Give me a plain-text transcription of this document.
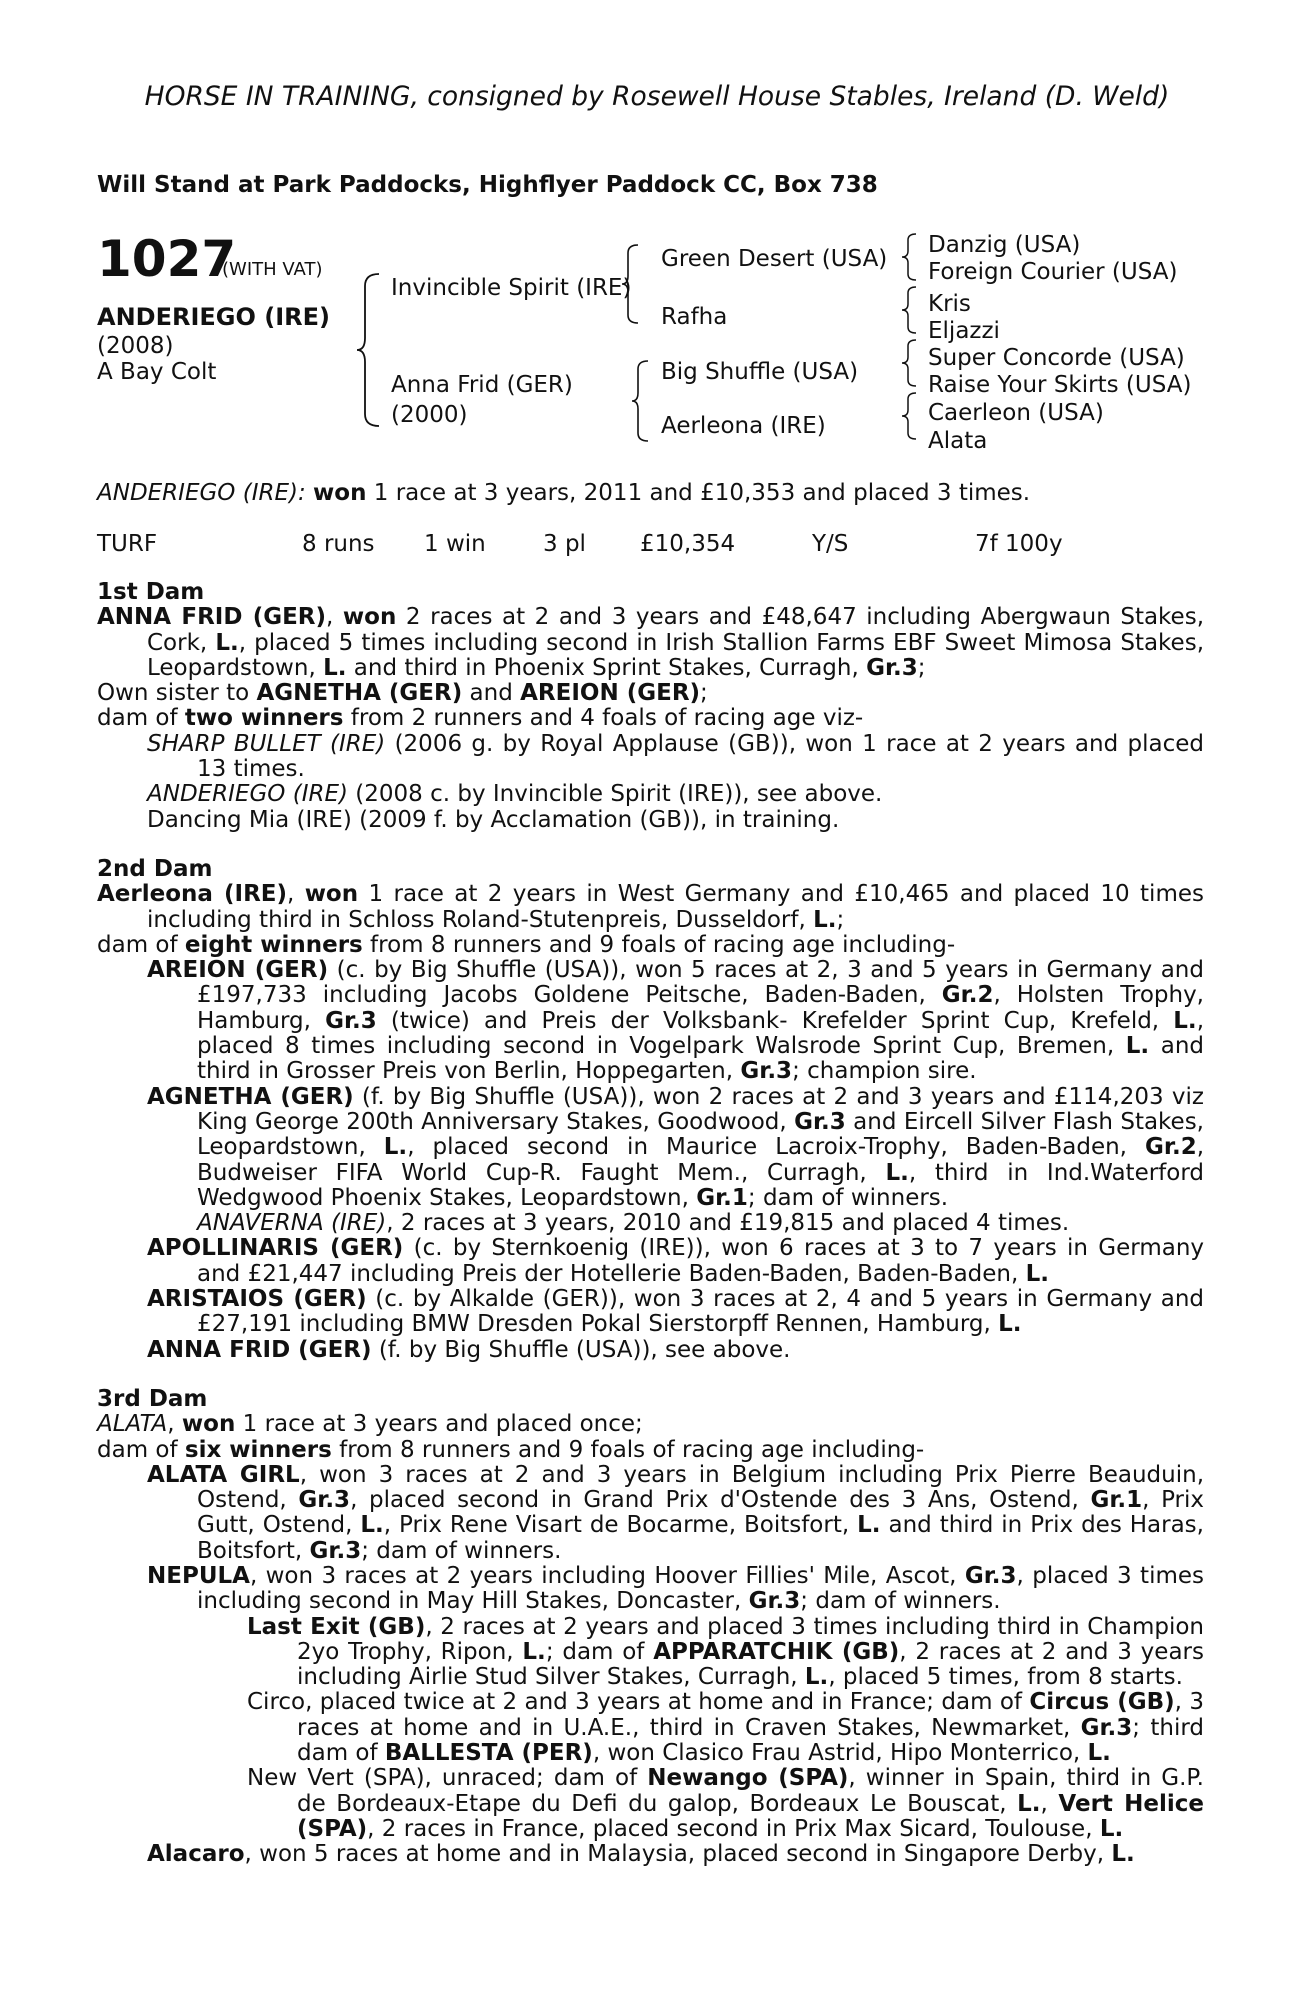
HORSE IN TRAINING, consigned by Rosewell House Stables, Ireland (D. Weld)
Will Stand at Park Paddocks, Highflyer Paddock CC, Box 738
1027
(WITH VAT)
ANDERIEGO (IRE)
(2008)
A Bay Colt
Invincible Spirit (IRE)
Anna Frid (GER)
(2000)
Green Desert (USA)
Rafha
Big Shuffle (USA)
Aerleona (IRE)
Danzig (USA)
Foreign Courier (USA)
Kris
Eljazzi
Super Concorde (USA)
Raise Your Skirts (USA)
Caerleon (USA)
Alata
ANDERIEGO (IRE): won 1 race at 3 years, 2011 and £10,353 and placed 3 times.
TURF	8 runs 1 win 3 pl £10,354	Y/S	7f 100y
1st Dam

ANNA FRID (GER), won 2 races at 2 and 3 years and £48,647 including Abergwaun Stakes, Cork, L., placed 5 times including second in Irish Stallion Farms EBF Sweet Mimosa Stakes, Leopardstown, L. and third in Phoenix Sprint Stakes, Curragh, Gr.3;

Own sister to AGNETHA (GER) and AREION (GER);

dam of two winners from 2 runners and 4 foals of racing age viz-

SHARP BULLET (IRE) (2006 g. by Royal Applause (GB)), won 1 race at 2 years and placed 13 times.

ANDERIEGO (IRE) (2008 c. by Invincible Spirit (IRE)), see above.

Dancing Mia (IRE) (2009 f. by Acclamation (GB)), in training.

2nd Dam

Aerleona (IRE), won 1 race at 2 years in West Germany and £10,465 and placed 10 times including third in Schloss Roland-Stutenpreis, Dusseldorf, L.;

dam of eight winners from 8 runners and 9 foals of racing age including-

AREION (GER) (c. by Big Shuffle (USA)), won 5 races at 2, 3 and 5 years in Germany and £197,733 including Jacobs Goldene Peitsche, Baden-Baden, Gr.2, Holsten Trophy, Hamburg, Gr.3 (twice) and Preis der Volksbank- Krefelder Sprint Cup, Krefeld, L., placed 8 times including second in Vogelpark Walsrode Sprint Cup, Bremen, L. and third in Grosser Preis von Berlin, Hoppegarten, Gr.3; champion sire.

AGNETHA (GER) (f. by Big Shuffle (USA)), won 2 races at 2 and 3 years and £114,203 viz King George 200th Anniversary Stakes, Goodwood, Gr.3 and Eircell Silver Flash Stakes, Leopardstown, L., placed second in Maurice Lacroix-Trophy, Baden-Baden, Gr.2, Budweiser FIFA World Cup-R. Faught Mem., Curragh, L., third in Ind.Waterford Wedgwood Phoenix Stakes, Leopardstown, Gr.1; dam of winners.

ANAVERNA (IRE), 2 races at 3 years, 2010 and £19,815 and placed 4 times.

APOLLINARIS (GER) (c. by Sternkoenig (IRE)), won 6 races at 3 to 7 years in Germany and £21,447 including Preis der Hotellerie Baden-Baden, Baden-Baden, L.

ARISTAIOS (GER) (c. by Alkalde (GER)), won 3 races at 2, 4 and 5 years in Germany and £27,191 including BMW Dresden Pokal Sierstorpff Rennen, Hamburg, L.

ANNA FRID (GER) (f. by Big Shuffle (USA)), see above.

3rd Dam

ALATA, won 1 race at 3 years and placed once;

dam of six winners from 8 runners and 9 foals of racing age including-

ALATA GIRL, won 3 races at 2 and 3 years in Belgium including Prix Pierre Beauduin, Ostend, Gr.3, placed second in Grand Prix d'Ostende des 3 Ans, Ostend, Gr.1, Prix Gutt, Ostend, L., Prix Rene Visart de Bocarme, Boitsfort, L. and third in Prix des Haras, Boitsfort, Gr.3; dam of winners.

NEPULA, won 3 races at 2 years including Hoover Fillies' Mile, Ascot, Gr.3, placed 3 times including second in May Hill Stakes, Doncaster, Gr.3; dam of winners.

Last Exit (GB), 2 races at 2 years and placed 3 times including third in Champion 2yo Trophy, Ripon, L.; dam of APPARATCHIK (GB), 2 races at 2 and 3 years including Airlie Stud Silver Stakes, Curragh, L., placed 5 times, from 8 starts.

Circo, placed twice at 2 and 3 years at home and in France; dam of Circus (GB), 3 races at home and in U.A.E., third in Craven Stakes, Newmarket, Gr.3; third dam of BALLESTA (PER), won Clasico Frau Astrid, Hipo Monterrico, L.

New Vert (SPA), unraced; dam of Newango (SPA), winner in Spain, third in G.P. de Bordeaux-Etape du Defi du galop, Bordeaux Le Bouscat, L., Vert Helice (SPA), 2 races in France, placed second in Prix Max Sicard, Toulouse, L.

Alacaro, won 5 races at home and in Malaysia, placed second in Singapore Derby, L.
